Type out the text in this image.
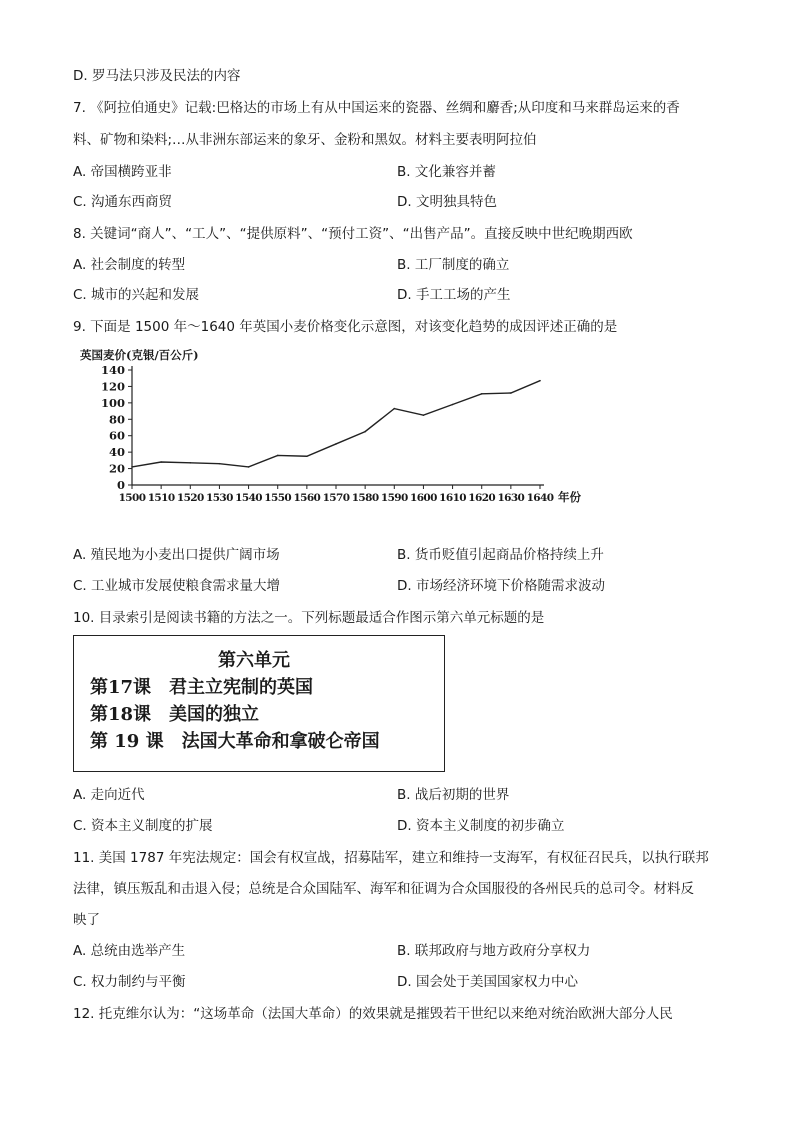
D. 罗马法只涉及民法的内容
7. 《阿拉伯通史》记载:巴格达的市场上有从中国运来的瓷器、丝绸和麝香;从印度和马来群岛运来的香
料、矿物和染料;…从非洲东部运来的象牙、金粉和黑奴。材料主要表明阿拉伯
A. 帝国横跨亚非	B. 文化兼容并蓄
C. 沟通东西商贸	D. 文明独具特色
8. 关键词“商人”、“工人”、“提供原料”、“预付工资”、“出售产品”。直接反映中世纪晚期西欧
A. 社会制度的转型	B. 工厂制度的确立
C. 城市的兴起和发展	D. 手工工场的产生
9. 下面是 1500 年～1640 年英国小麦价格变化示意图，对该变化趋势的成因评述正确的是
英国麦价(克银/百公斤)
0
20
40
60
80
100
120
140
1500 1510 1520 1530 1540 1550 1560 1570 1580 1590 1600 1610 1620 1630 1640 年份
A. 殖民地为小麦出口提供广阔市场	B. 货币贬值引起商品价格持续上升
C. 工业城市发展使粮食需求量大增	D. 市场经济环境下价格随需求波动
10. 目录索引是阅读书籍的方法之一。下列标题最适合作图示第六单元标题的是
第六单元
第17课　君主立宪制的英国
第18课　美国的独立
第 19 课　法国大革命和拿破仑帝国
A. 走向近代	B. 战后初期的世界
C. 资本主义制度的扩展	D. 资本主义制度的初步确立
11. 美国 1787 年宪法规定：国会有权宣战，招募陆军，建立和维持一支海军，有权征召民兵，以执行联邦
法律，镇压叛乱和击退入侵；总统是合众国陆军、海军和征调为合众国服役的各州民兵的总司令。材料反
映了
A. 总统由选举产生	B. 联邦政府与地方政府分享权力
C. 权力制约与平衡	D. 国会处于美国国家权力中心
12. 托克维尔认为：“这场革命（法国大革命）的效果就是摧毁若干世纪以来绝对统治欧洲大部分人民
